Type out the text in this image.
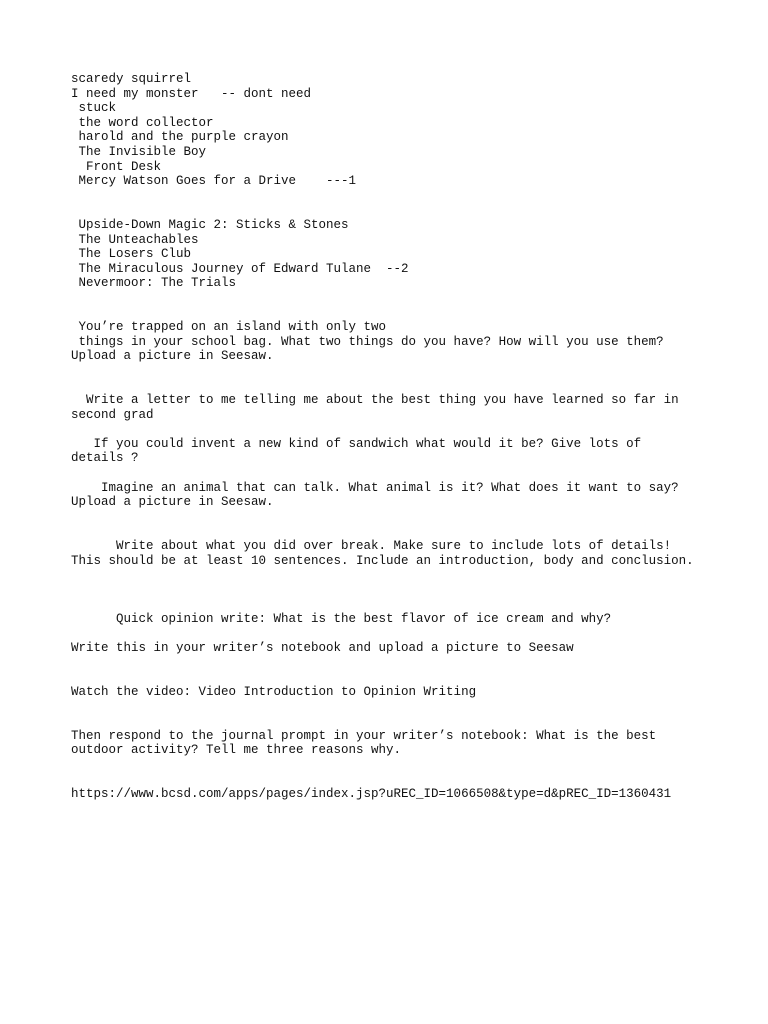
scaredy squirrel
I need my monster   -- dont need
stuck
the word collector
harold and the purple crayon
The Invisible Boy
Front Desk
Mercy Watson Goes for a Drive    ---1
Upside-Down Magic 2: Sticks & Stones
The Unteachables
The Losers Club
The Miraculous Journey of Edward Tulane  --2
Nevermoor: The Trials
You’re trapped on an island with only two
things in your school bag. What two things do you have? How will you use them?
Upload a picture in Seesaw.
Write a letter to me telling me about the best thing you have learned so far in
second grad
If you could invent a new kind of sandwich what would it be? Give lots of
details ?
Imagine an animal that can talk. What animal is it? What does it want to say?
Upload a picture in Seesaw.
Write about what you did over break. Make sure to include lots of details!
This should be at least 10 sentences. Include an introduction, body and conclusion.
Quick opinion write: What is the best flavor of ice cream and why?
Write this in your writer’s notebook and upload a picture to Seesaw
Watch the video: Video Introduction to Opinion Writing
Then respond to the journal prompt in your writer’s notebook: What is the best
outdoor activity? Tell me three reasons why.
https://www.bcsd.com/apps/pages/index.jsp?uREC_ID=1066508&type=d&pREC_ID=1360431
